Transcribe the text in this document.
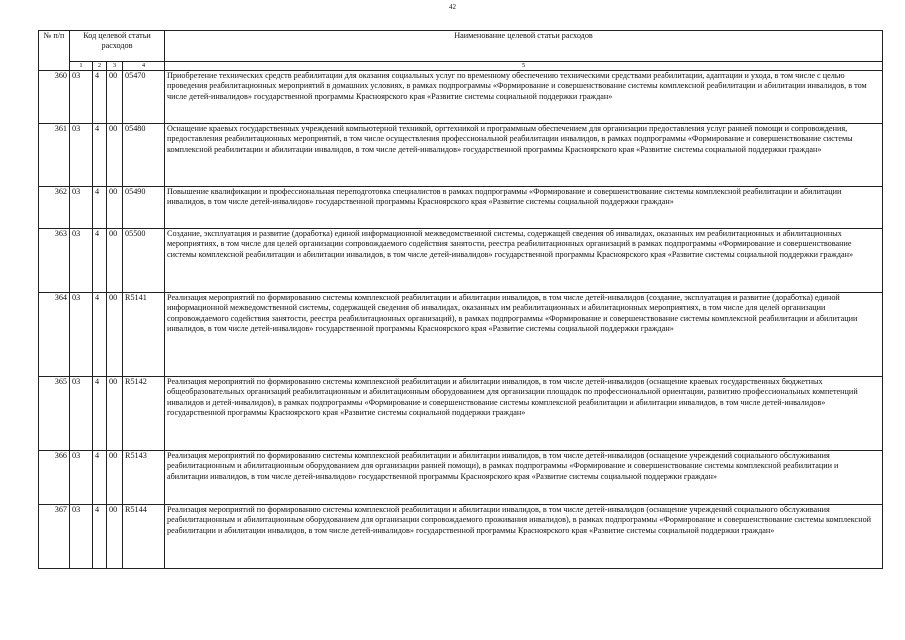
42
№ п/п	Код целевой статьи расходов				Наименование целевой статьи расходов
	1	2	3	4	5
360	03	4	00	05470	Приобретение технических средств реабилитации для оказания социальных услуг по временному обеспечению техническими средствами реабилитации, адаптации и ухода, в том числе с целью проведения реабилитационных мероприятий в домашних условиях, в рамках подпрограммы «Формирование и совершенствование системы комплексной реабилитации и абилитации инвалидов, в том числе детей-инвалидов» государственной программы Красноярского края «Развитие системы социальной поддержки граждан»
361	03	4	00	05480	Оснащение краевых государственных учреждений компьютерной техникой, оргтехникой и программным обеспечением для организации предоставления услуг ранней помощи и сопровождения, предоставления реабилитационных мероприятий, в том числе осуществления профессиональной реабилитации инвалидов, в рамках подпрограммы «Формирование и совершенствование системы комплексной реабилитации и абилитации инвалидов, в том числе детей-инвалидов» государственной программы Красноярского края «Развитие системы социальной поддержки граждан»
362	03	4	00	05490	Повышение квалификации и профессиональная переподготовка специалистов в рамках подпрограммы «Формирование и совершенствование системы комплексной реабилитации и абилитации инвалидов, в том числе детей-инвалидов» государственной программы Красноярского края «Развитие системы социальной поддержки граждан»
363	03	4	00	05500	Создание, эксплуатация и развитие (доработка) единой информационной межведомственной системы, содержащей сведения об инвалидах, оказанных им реабилитационных и абилитационных мероприятиях, в том числе для целей организации сопровождаемого содействия занятости, реестра реабилитационных организаций в рамках подпрограммы «Формирование и совершенствование системы комплексной реабилитации и абилитации инвалидов, в том числе детей-инвалидов» государственной программы Красноярского края «Развитие системы социальной поддержки граждан»
364	03	4	00	R5141	Реализация мероприятий по формированию системы комплексной реабилитации и абилитации инвалидов, в том числе детей-инвалидов (создание, эксплуатация и развитие (доработка) единой информационной межведомственной системы, содержащей сведения об инвалидах, оказанных им реабилитационных и абилитационных мероприятиях, в том числе для целей организации сопровождаемого содействия занятости, реестра реабилитационных организаций), в рамках подпрограммы «Формирование и совершенствование системы комплексной реабилитации и абилитации инвалидов, в том числе детей-инвалидов» государственной программы Красноярского края «Развитие системы социальной поддержки граждан»
365	03	4	00	R5142	Реализация мероприятий по формированию системы комплексной реабилитации и абилитации инвалидов, в том числе детей-инвалидов (оснащение краевых государственных бюджетных общеобразовательных организаций реабилитационным и абилитационным оборудованием для организации площадок по профессиональной ориентации, развитию профессиональных компетенций инвалидов и детей-инвалидов), в рамках подпрограммы «Формирование и совершенствование системы комплексной реабилитации и абилитации инвалидов, в том числе детей-инвалидов» государственной программы Красноярского края «Развитие системы социальной поддержки граждан»
366	03	4	00	R5143	Реализация мероприятий по формированию системы комплексной реабилитации и абилитации инвалидов, в том числе детей-инвалидов (оснащение учреждений социального обслуживания реабилитационным и абилитационным оборудованием для организации ранней помощи), в рамках подпрограммы «Формирование и совершенствование системы комплексной реабилитации и абилитации инвалидов, в том числе детей-инвалидов» государственной программы Красноярского края «Развитие системы социальной поддержки граждан»
367	03	4	00	R5144	Реализация мероприятий по формированию системы комплексной реабилитации и абилитации инвалидов, в том числе детей-инвалидов (оснащение учреждений социального обслуживания реабилитационным и абилитационным оборудованием для организации сопровождаемого проживания инвалидов), в рамках подпрограммы «Формирование и совершенствование системы комплексной реабилитации и абилитации инвалидов, в том числе детей-инвалидов» государственной программы Красноярского края «Развитие системы социальной поддержки граждан»
